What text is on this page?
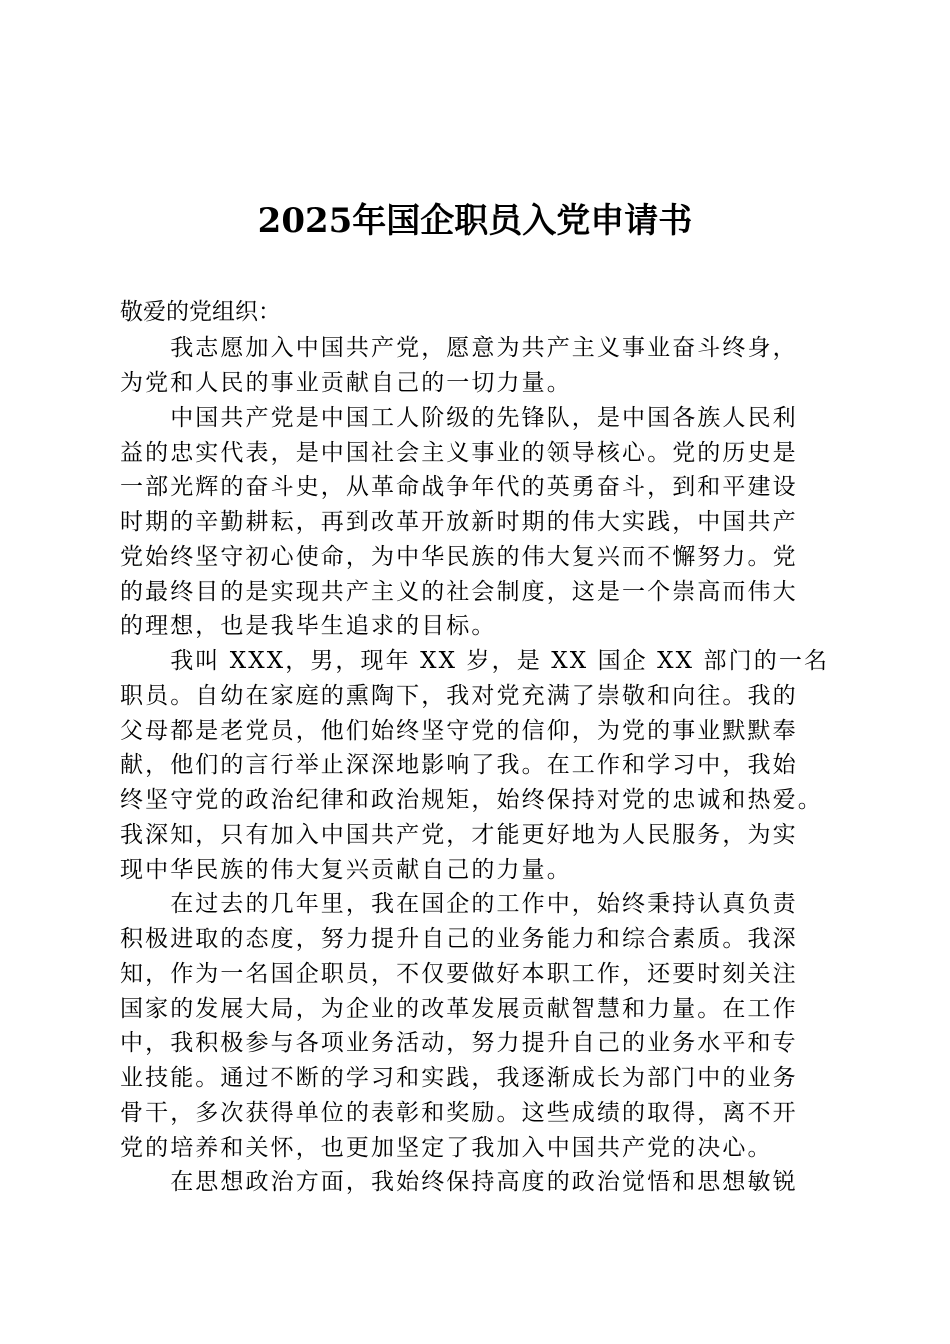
2025年国企职员入党申请书
敬爱的党组织：
　　我志愿加入中国共产党，愿意为共产主义事业奋斗终身，
为党和人民的事业贡献自己的一切力量。
　　中国共产党是中国工人阶级的先锋队，是中国各族人民利
益的忠实代表，是中国社会主义事业的领导核心。党的历史是
一部光辉的奋斗史，从革命战争年代的英勇奋斗，到和平建设
时期的辛勤耕耘，再到改革开放新时期的伟大实践，中国共产
党始终坚守初心使命，为中华民族的伟大复兴而不懈努力。党
的最终目的是实现共产主义的社会制度，这是一个崇高而伟大
的理想，也是我毕生追求的目标。
　　我叫 XXX，男，现年 XX 岁，是 XX 国企 XX 部门的一名
职员。自幼在家庭的熏陶下，我对党充满了崇敬和向往。我的
父母都是老党员，他们始终坚守党的信仰，为党的事业默默奉
献，他们的言行举止深深地影响了我。在工作和学习中，我始
终坚守党的政治纪律和政治规矩，始终保持对党的忠诚和热爱。
我深知，只有加入中国共产党，才能更好地为人民服务，为实
现中华民族的伟大复兴贡献自己的力量。
　　在过去的几年里，我在国企的工作中，始终秉持认真负责
积极进取的态度，努力提升自己的业务能力和综合素质。我深
知，作为一名国企职员，不仅要做好本职工作，还要时刻关注
国家的发展大局，为企业的改革发展贡献智慧和力量。在工作
中，我积极参与各项业务活动，努力提升自己的业务水平和专
业技能。通过不断的学习和实践，我逐渐成长为部门中的业务
骨干，多次获得单位的表彰和奖励。这些成绩的取得，离不开
党的培养和关怀，也更加坚定了我加入中国共产党的决心。
　　在思想政治方面，我始终保持高度的政治觉悟和思想敏锐
